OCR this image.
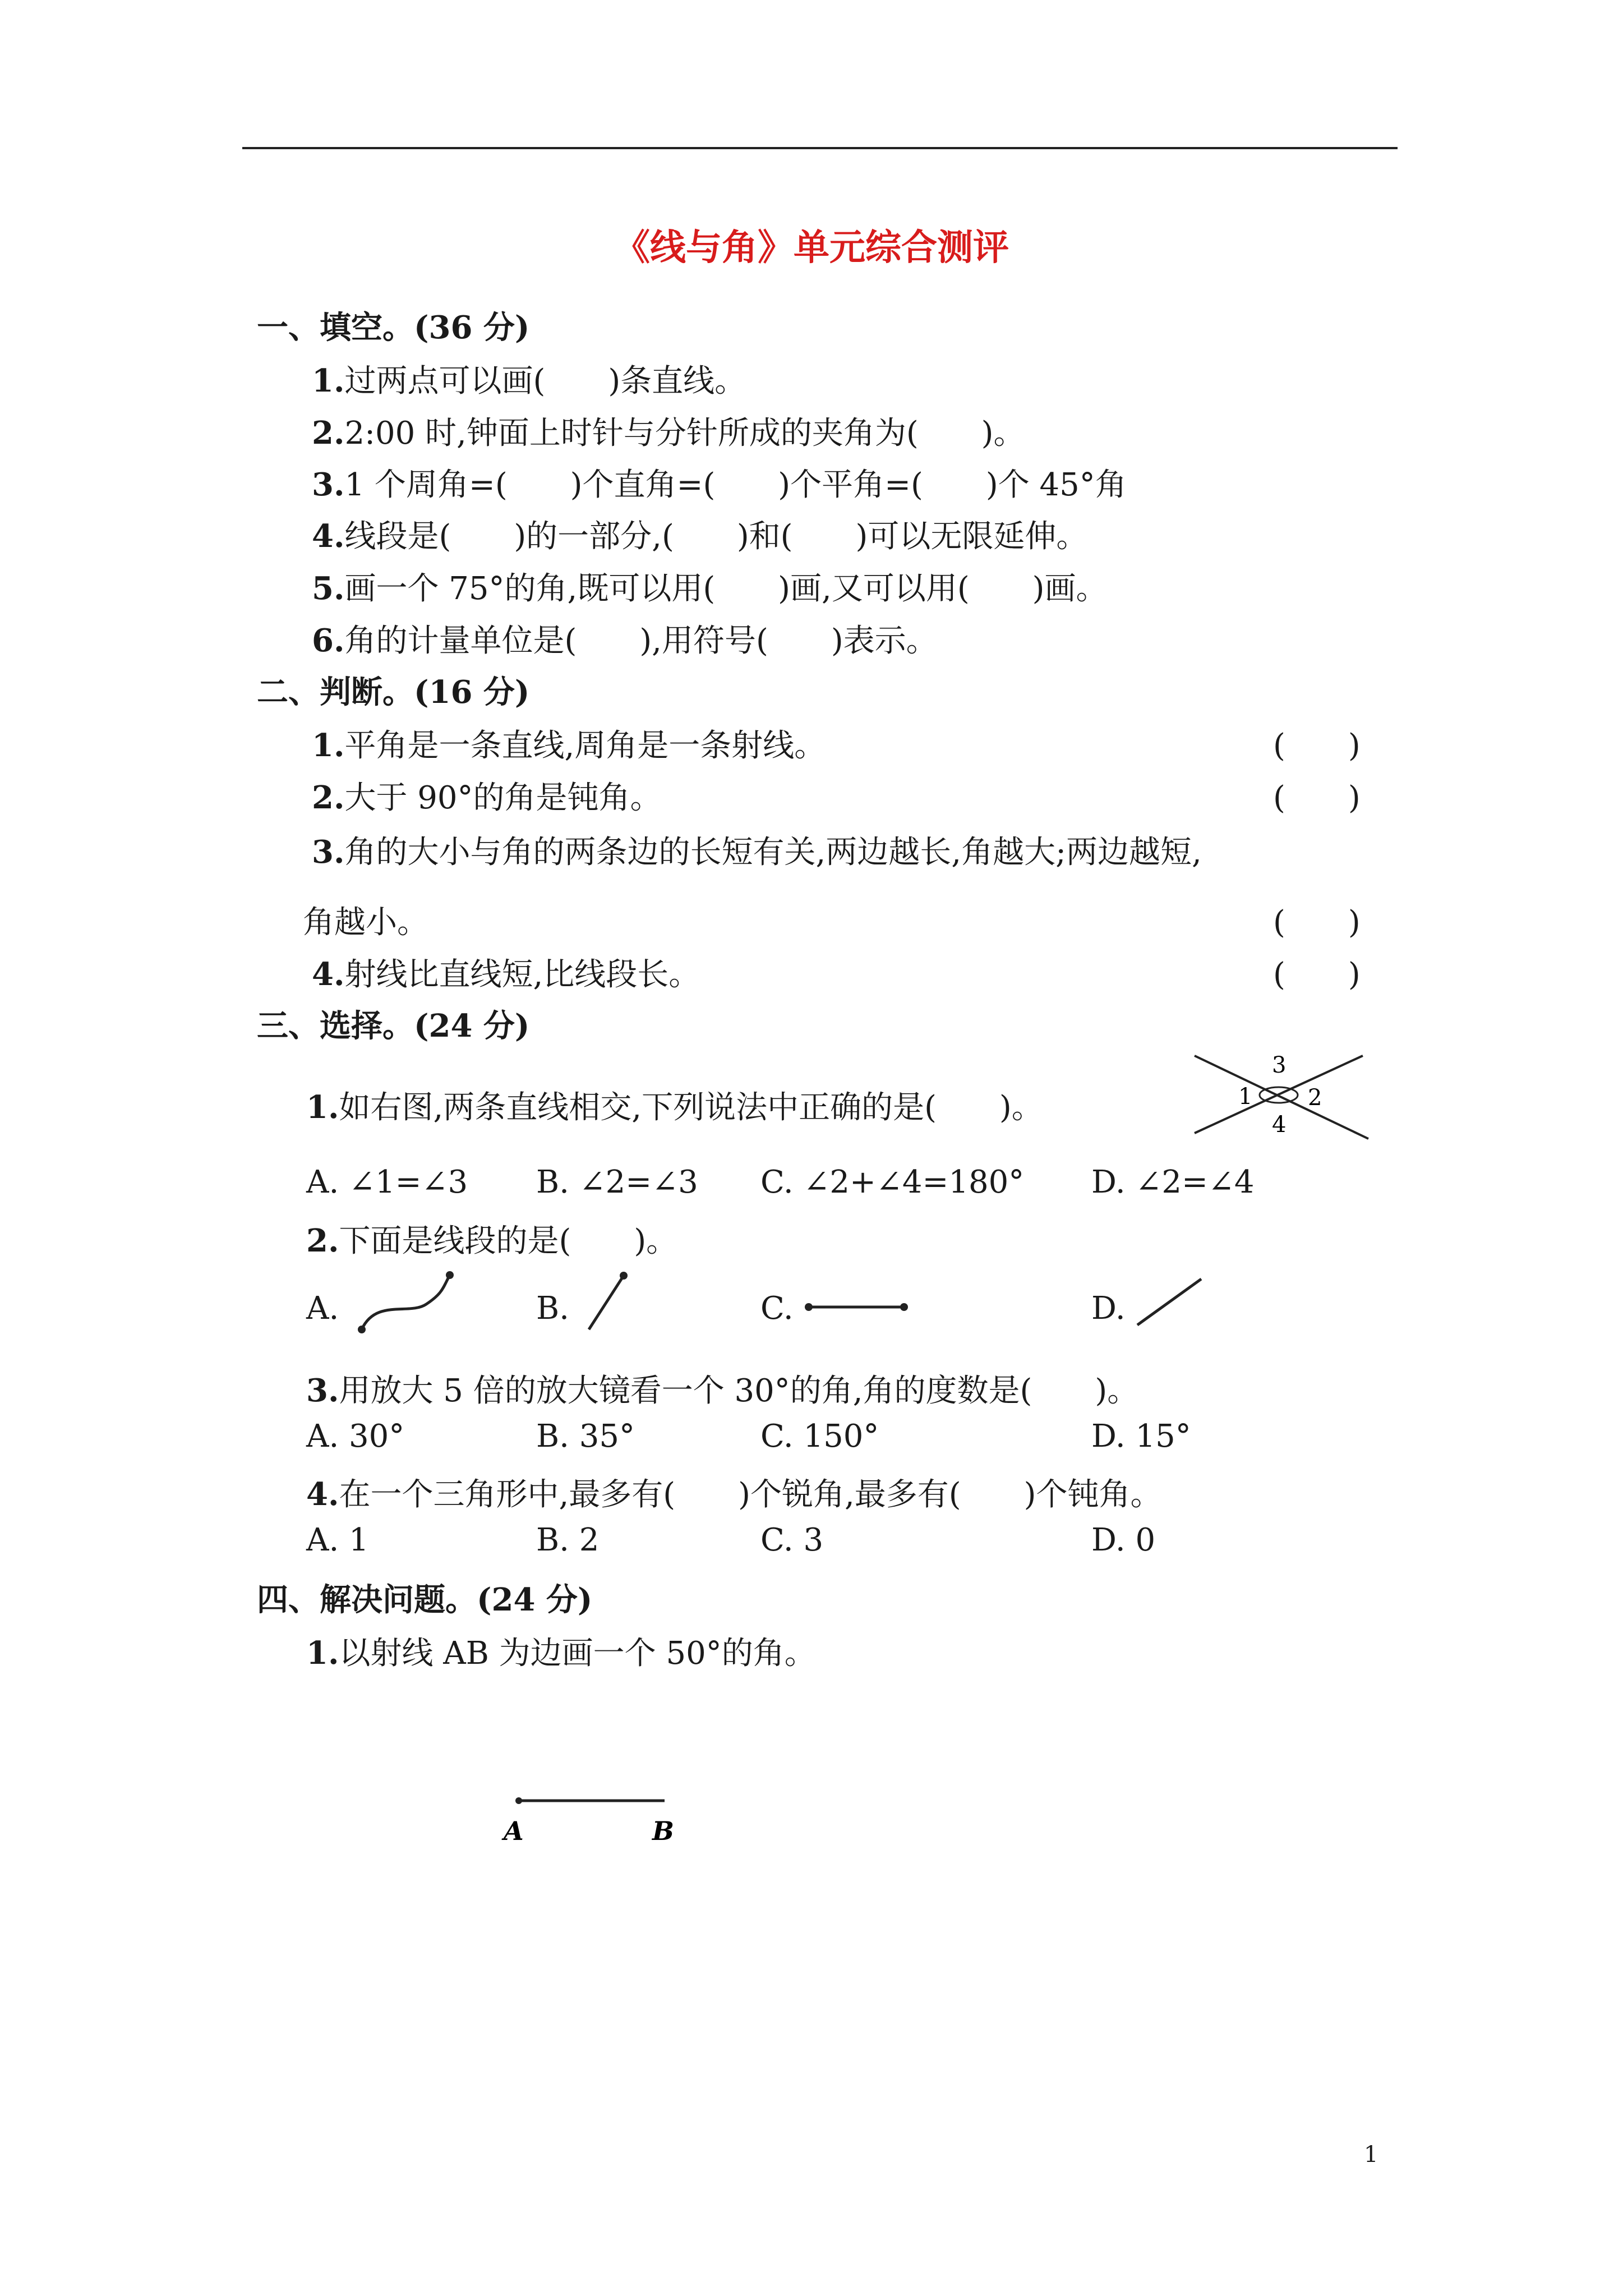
《线与角》单元综合测评
一、填空。(36 分)
1.过两点可以画(　　)条直线。
2.2:00 时,钟面上时针与分针所成的夹角为(　　)。
3.1 个周角=(　　)个直角=(　　)个平角=(　　)个 45°角
4.线段是(　　)的一部分,(　　)和(　　)可以无限延伸。
5.画一个 75°的角,既可以用(　　)画,又可以用(　　)画。
6.角的计量单位是(　　),用符号(　　)表示。
二、判断。(16 分)
1.平角是一条直线,周角是一条射线。	(　　)
2.大于 90°的角是钝角。	(　　)
3.角的大小与角的两条边的长短有关,两边越长,角越大;两边越短,
角越小。	(　　)
4.射线比直线短,比线段长。	(　　)
三、选择。(24 分)
1.如右图,两条直线相交,下列说法中正确的是(　　)。	1 2
3
4
A. ∠1=∠3 B. ∠2=∠3 C. ∠2+∠4=180° D. ∠2=∠4
2.下面是线段的是(　　)。
A.	B.	C.	D.
3.用放大 5 倍的放大镜看一个 30°的角,角的度数是(　　)。
A. 30°	B. 35°	C. 150°	D. 15°
4.在一个三角形中,最多有(　　)个锐角,最多有(　　)个钝角。
A. 1	B. 2	C. 3	D. 0
四、解决问题。(24 分)
1.以射线 AB 为边画一个 50°的角。
A	B
1
